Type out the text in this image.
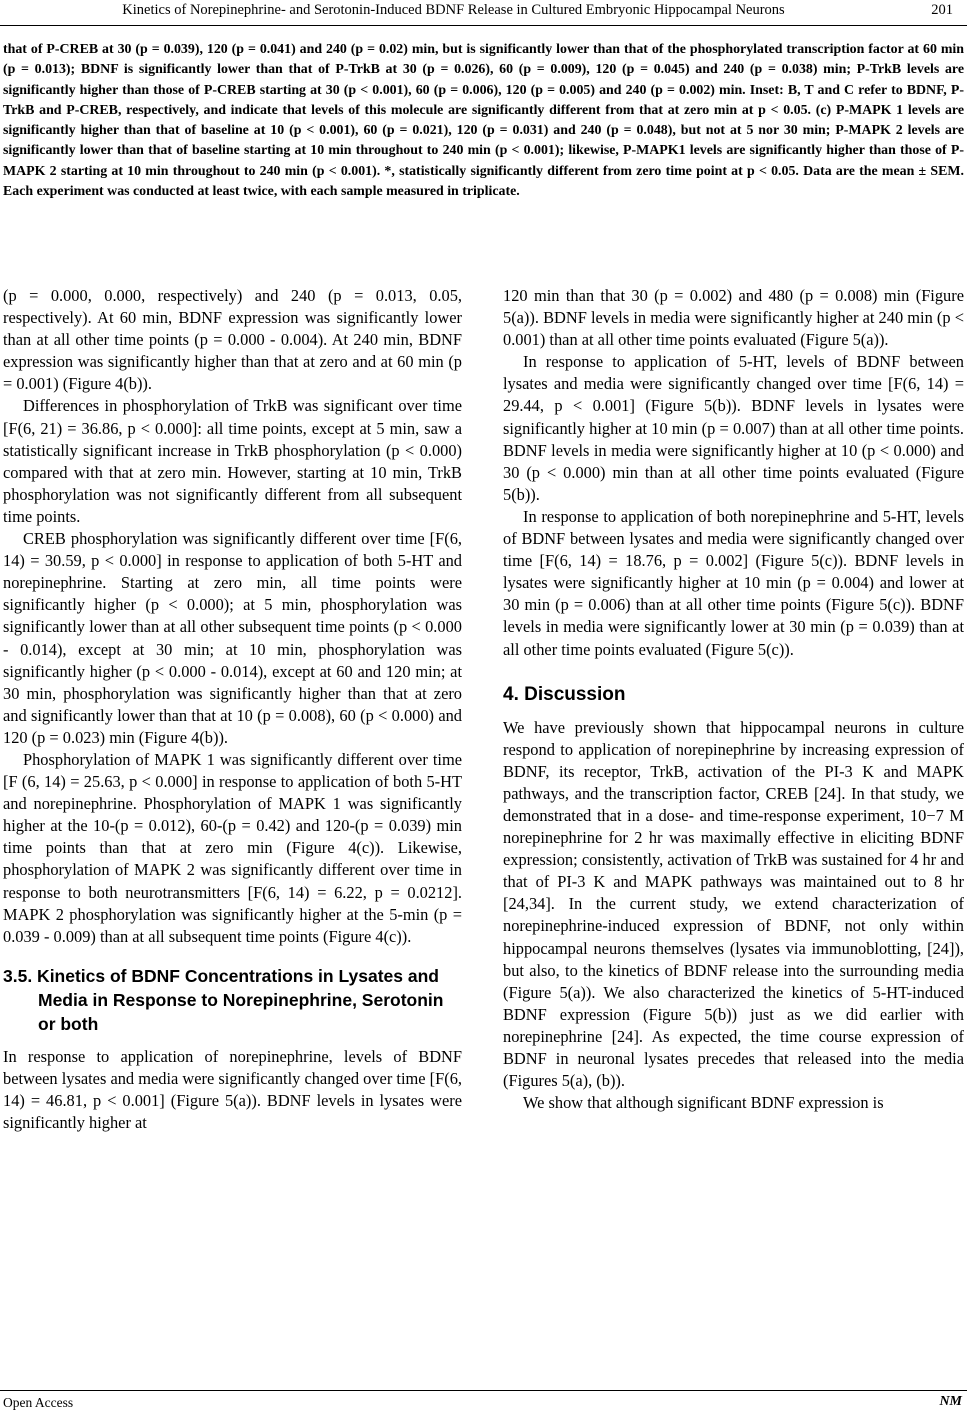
Kinetics of Norepinephrine- and Serotonin-Induced BDNF Release in Cultured Embryonic Hippocampal Neurons	201
that of P-CREB at 30 (p = 0.039), 120 (p = 0.041) and 240 (p = 0.02) min, but is significantly lower than that of the phosphorylated transcription factor at 60 min (p = 0.013); BDNF is significantly lower than that of P-TrkB at 30 (p = 0.026), 60 (p = 0.009), 120 (p = 0.045) and 240 (p = 0.038) min; P-TrkB levels are significantly higher than those of P-CREB starting at 30 (p < 0.001), 60 (p = 0.006), 120 (p = 0.005) and 240 (p = 0.002) min. Inset: B, T and C refer to BDNF, P-TrkB and P-CREB, respectively, and indicate that levels of this molecule are significantly different from that at zero min at p < 0.05. (c) P-MAPK 1 levels are significantly higher than that of baseline at 10 (p < 0.001), 60 (p = 0.021), 120 (p = 0.031) and 240 (p = 0.048), but not at 5 nor 30 min; P-MAPK 2 levels are significantly lower than that of baseline starting at 10 min throughout to 240 min (p < 0.001); likewise, P-MAPK1 levels are significantly higher than those of P-MAPK 2 starting at 10 min throughout to 240 min (p < 0.001). *, statistically significantly different from zero time point at p < 0.05. Data are the mean ± SEM. Each experiment was conducted at least twice, with each sample measured in triplicate.

(p = 0.000, 0.000, respectively) and 240 (p = 0.013, 0.05, respectively). At 60 min, BDNF expression was significantly lower than at all other time points (p = 0.000 - 0.004). At 240 min, BDNF expression was significantly higher than that at zero and at 60 min (p = 0.001) (Figure 4(b)).

Differences in phosphorylation of TrkB was significant over time [F(6, 21) = 36.86, p < 0.000]: all time points, except at 5 min, saw a statistically significant increase in TrkB phosphorylation (p < 0.000) compared with that at zero min. However, starting at 10 min, TrkB phosphorylation was not significantly different from all subsequent time points.

CREB phosphorylation was significantly different over time [F(6, 14) = 30.59, p < 0.000] in response to application of both 5-HT and norepinephrine. Starting at zero min, all time points were significantly higher (p < 0.000); at 5 min, phosphorylation was significantly lower than at all other subsequent time points (p < 0.000 - 0.014), except at 30 min; at 10 min, phosphorylation was significantly higher (p < 0.000 - 0.014), except at 60 and 120 min; at 30 min, phosphorylation was significantly higher than that at zero and significantly lower than that at 10 (p = 0.008), 60 (p < 0.000) and 120 (p = 0.023) min (Figure 4(b)).

Phosphorylation of MAPK 1 was significantly different over time [F (6, 14) = 25.63, p < 0.000] in response to application of both 5-HT and norepinephrine. Phosphorylation of MAPK 1 was significantly higher at the 10-(p = 0.012), 60-(p = 0.42) and 120-(p = 0.039) min time points than that at zero min (Figure 4(c)). Likewise, phosphorylation of MAPK 2 was significantly different over time in response to both neurotransmitters [F(6, 14) = 6.22, p = 0.0212]. MAPK 2 phosphorylation was significantly higher at the 5-min (p = 0.039 - 0.009) than at all subsequent time points (Figure 4(c)).

3.5. Kinetics of BDNF Concentrations in Lysates and Media in Response to Norepinephrine, Serotonin or both

In response to application of norepinephrine, levels of BDNF between lysates and media were significantly changed over time [F(6, 14) = 46.81, p < 0.001] (Figure 5(a)). BDNF levels in lysates were significantly higher at

120 min than that 30 (p = 0.002) and 480 (p = 0.008) min (Figure 5(a)). BDNF levels in media were significantly higher at 240 min (p < 0.001) than at all other time points evaluated (Figure 5(a)).

In response to application of 5-HT, levels of BDNF between lysates and media were significantly changed over time [F(6, 14) = 29.44, p < 0.001] (Figure 5(b)). BDNF levels in lysates were significantly higher at 10 min (p = 0.007) than at all other time points. BDNF levels in media were significantly higher at 10 (p < 0.000) and 30 (p < 0.000) min than at all other time points evaluated (Figure 5(b)).

In response to application of both norepinephrine and 5-HT, levels of BDNF between lysates and media were significantly changed over time [F(6, 14) = 18.76, p = 0.002] (Figure 5(c)). BDNF levels in lysates were significantly higher at 10 min (p = 0.004) and lower at 30 min (p = 0.006) than at all other time points (Figure 5(c)). BDNF levels in media were significantly lower at 30 min (p = 0.039) than at all other time points evaluated (Figure 5(c)).

4. Discussion

We have previously shown that hippocampal neurons in culture respond to application of norepinephrine by increasing expression of BDNF, its receptor, TrkB, activation of the PI-3 K and MAPK pathways, and the transcription factor, CREB [24]. In that study, we demonstrated that in a dose- and time-response experiment, 10−7 M norepinephrine for 2 hr was maximally effective in eliciting BDNF expression; consistently, activation of TrkB was sustained for 4 hr and that of PI-3 K and MAPK pathways was maintained out to 8 hr [24,34]. In the current study, we extend characterization of norepinephrine-induced expression of BDNF, not only within hippocampal neurons themselves (lysates via immunoblotting, [24]), but also, to the kinetics of BDNF release into the surrounding media (Figure 5(a)). We also characterized the kinetics of 5-HT-induced BDNF expression (Figure 5(b)) just as we did earlier with norepinephrine [24]. As expected, the time course expression of BDNF in neuronal lysates precedes that released into the media (Figures 5(a), (b)).

We show that although significant BDNF expression is

Open Access	NM
